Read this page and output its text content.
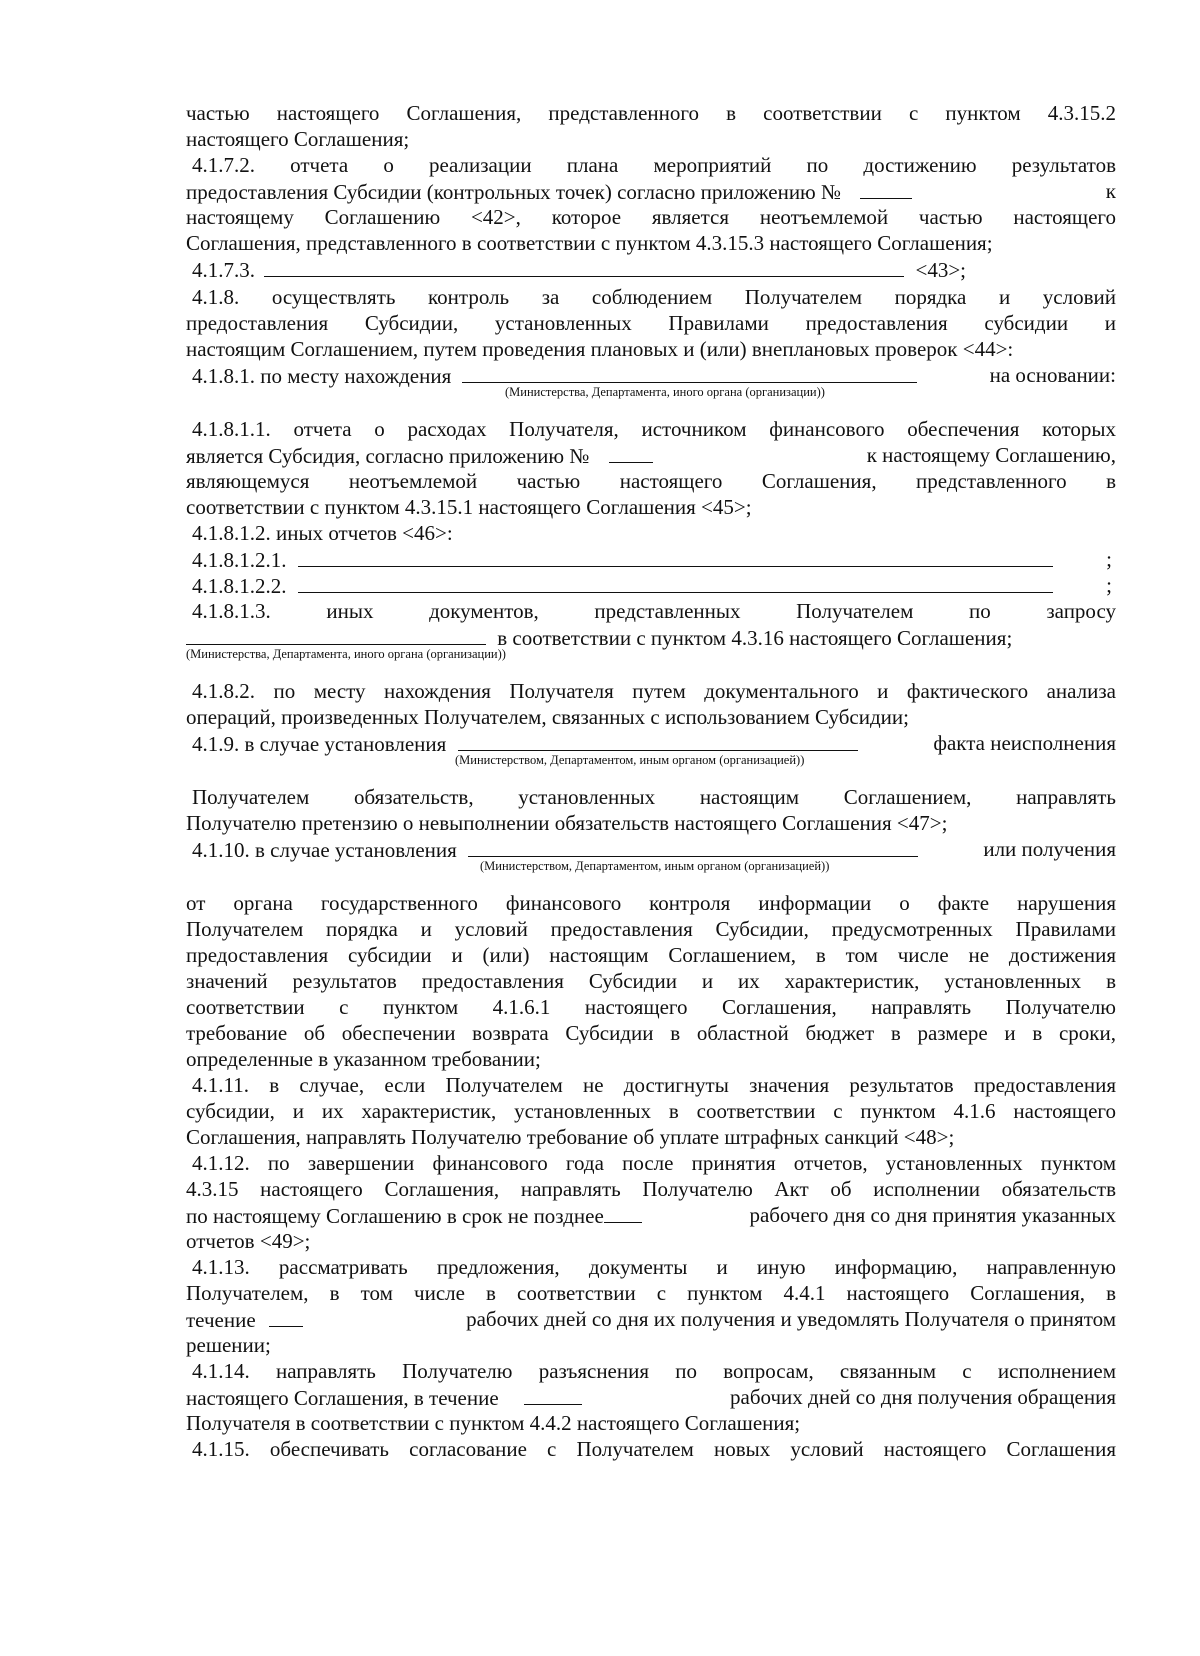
частью настоящего Соглашения, представленного в соответствии с пунктом 4.3.15.2
настоящего Соглашения;
4.1.7.2. отчета о реализации плана мероприятий по достижению результатов
предоставления Субсидии (контрольных точек) согласно приложению №	к
настоящему Соглашению <42>, которое является неотъемлемой частью настоящего
Соглашения, представленного в соответствии с пунктом 4.3.15.3 настоящего Соглашения;
4.1.7.3.	<43>;
4.1.8. осуществлять контроль за соблюдением Получателем порядка и условий
предоставления Субсидии, установленных Правилами предоставления субсидии и
настоящим Соглашением, путем проведения плановых и (или) внеплановых проверок <44>:
4.1.8.1. по месту нахождения	на основании:
(Министерства, Департамента, иного органа (организации))
4.1.8.1.1. отчета о расходах Получателя, источником финансового обеспечения которых
является Субсидия, согласно приложению №	к настоящему Соглашению,
являющемуся неотъемлемой частью настоящего Соглашения, представленного в
соответствии с пунктом 4.3.15.1 настоящего Соглашения <45>;
4.1.8.1.2. иных отчетов <46>:
4.1.8.1.2.1.	;
4.1.8.1.2.2.	;
4.1.8.1.3. иных документов, представленных Получателем по запросу
в соответствии с пунктом 4.3.16 настоящего Соглашения;
(Министерства, Департамента, иного органа (организации))
4.1.8.2. по месту нахождения Получателя путем документального и фактического анализа
операций, произведенных Получателем, связанных с использованием Субсидии;
4.1.9. в случае установления	факта неисполнения
(Министерством, Департаментом, иным органом (организацией))
Получателем обязательств, установленных настоящим Соглашением, направлять
Получателю претензию о невыполнении обязательств настоящего Соглашения <47>;
4.1.10. в случае установления	или получения
(Министерством, Департаментом, иным органом (организацией))
от органа государственного финансового контроля информации о факте нарушения
Получателем порядка и условий предоставления Субсидии, предусмотренных Правилами
предоставления субсидии и (или) настоящим Соглашением, в том числе не достижения
значений результатов предоставления Субсидии и их характеристик, установленных в
соответствии с пунктом 4.1.6.1 настоящего Соглашения, направлять Получателю
требование об обеспечении возврата Субсидии в областной бюджет в размере и в сроки,
определенные в указанном требовании;
4.1.11. в случае, если Получателем не достигнуты значения результатов предоставления
субсидии, и их характеристик, установленных в соответствии с пунктом 4.1.6 настоящего
Соглашения, направлять Получателю требование об уплате штрафных санкций <48>;
4.1.12. по завершении финансового года после принятия отчетов, установленных пунктом
4.3.15 настоящего Соглашения, направлять Получателю Акт об исполнении обязательств
по настоящему Соглашению в срок не позднее	рабочего дня со дня принятия указанных
отчетов <49>;
4.1.13. рассматривать предложения, документы и иную информацию, направленную
Получателем, в том числе в соответствии с пунктом 4.4.1 настоящего Соглашения, в
течение	рабочих дней со дня их получения и уведомлять Получателя о принятом
решении;
4.1.14. направлять Получателю разъяснения по вопросам, связанным с исполнением
настоящего Соглашения, в течение	рабочих дней со дня получения обращения
Получателя в соответствии с пунктом 4.4.2 настоящего Соглашения;
4.1.15. обеспечивать согласование с Получателем новых условий настоящего Соглашения
